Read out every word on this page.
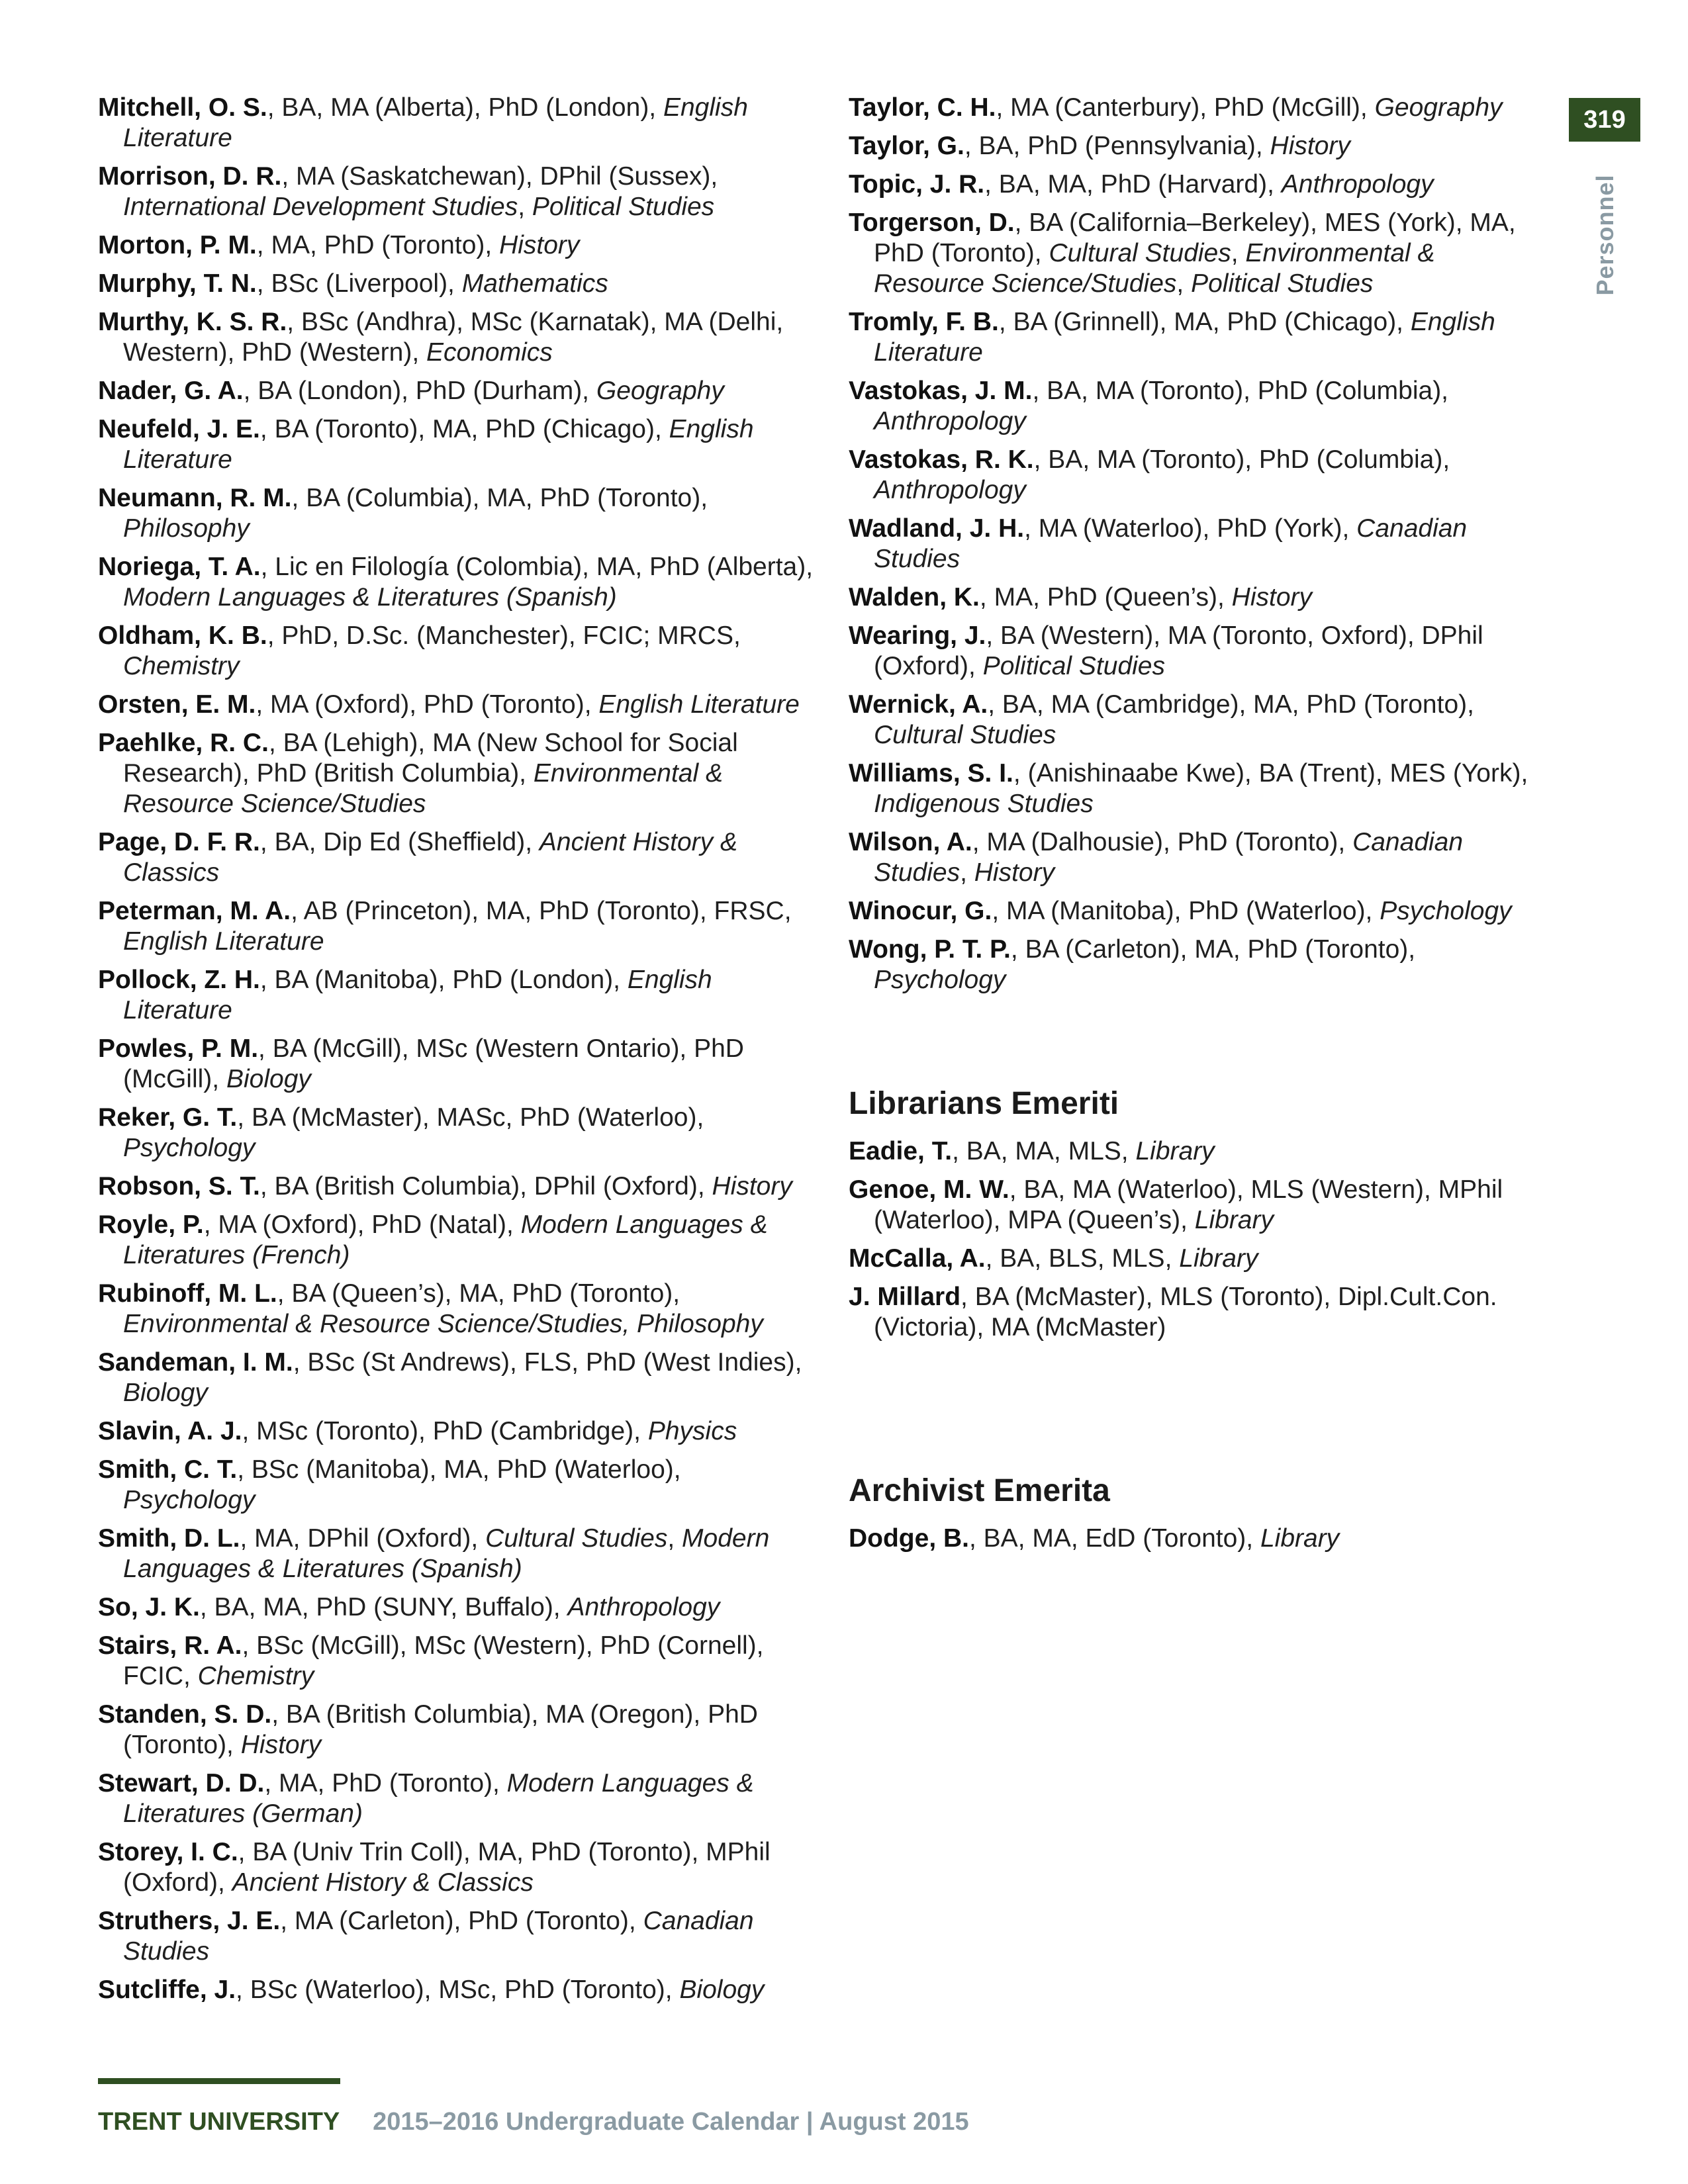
319
Personnel
Mitchell, O. S., BA, MA (Alberta), PhD (London), English Literature
Morrison, D. R., MA (Saskatchewan), DPhil (Sussex), International Development Studies, Political Studies
Morton, P. M., MA, PhD (Toronto), History
Murphy, T. N., BSc (Liverpool), Mathematics
Murthy, K. S. R., BSc (Andhra), MSc (Karnatak), MA (Delhi, Western), PhD (Western), Economics
Nader, G. A., BA (London), PhD (Durham), Geography
Neufeld, J. E., BA (Toronto), MA, PhD (Chicago), English Literature
Neumann, R. M., BA (Columbia), MA, PhD (Toronto), Philosophy
Noriega, T. A., Lic en Filología (Colombia), MA, PhD (Alberta), Modern Languages & Literatures (Spanish)
Oldham, K. B., PhD, D.Sc. (Manchester), FCIC; MRCS, Chemistry
Orsten, E. M., MA (Oxford), PhD (Toronto), English Literature
Paehlke, R. C., BA (Lehigh), MA (New School for Social Research), PhD (British Columbia), Environmental & Resource Science/Studies
Page, D. F. R., BA, Dip Ed (Sheffield), Ancient History & Classics
Peterman, M. A., AB (Princeton), MA, PhD (Toronto), FRSC, English Literature
Pollock, Z. H., BA (Manitoba), PhD (London), English Literature
Powles, P. M., BA (McGill), MSc (Western Ontario), PhD (McGill), Biology
Reker, G. T., BA (McMaster), MASc, PhD (Waterloo), Psychology
Robson, S. T., BA (British Columbia), DPhil (Oxford), History
Royle, P., MA (Oxford), PhD (Natal), Modern Languages & Literatures (French)
Rubinoff, M. L., BA (Queen’s), MA, PhD (Toronto), Environmental & Resource Science/Studies, Philosophy
Sandeman, I. M., BSc (St Andrews), FLS, PhD (West Indies), Biology
Slavin, A. J., MSc (Toronto), PhD (Cambridge), Physics
Smith, C. T., BSc (Manitoba), MA, PhD (Waterloo), Psychology
Smith, D. L., MA, DPhil (Oxford), Cultural Studies, Modern Languages & Literatures (Spanish)
So, J. K., BA, MA, PhD (SUNY, Buffalo), Anthropology
Stairs, R. A., BSc (McGill), MSc (Western), PhD (Cornell), FCIC, Chemistry
Standen, S. D., BA (British Columbia), MA (Oregon), PhD (Toronto), History
Stewart, D. D., MA, PhD (Toronto), Modern Languages & Literatures (German)
Storey, I. C., BA (Univ Trin Coll), MA, PhD (Toronto), MPhil (Oxford), Ancient History & Classics
Struthers, J. E., MA (Carleton), PhD (Toronto), Canadian Studies
Sutcliffe, J., BSc (Waterloo), MSc, PhD (Toronto), Biology
Taylor, C. H., MA (Canterbury), PhD (McGill), Geography
Taylor, G., BA, PhD (Pennsylvania), History
Topic, J. R., BA, MA, PhD (Harvard), Anthropology
Torgerson, D., BA (California–Berkeley), MES (York), MA, PhD (Toronto), Cultural Studies, Environmental & Resource Science/Studies, Political Studies
Tromly, F. B., BA (Grinnell), MA, PhD (Chicago), English Literature
Vastokas, J. M., BA, MA (Toronto), PhD (Columbia), Anthropology
Vastokas, R. K., BA, MA (Toronto), PhD (Columbia), Anthropology
Wadland, J. H., MA (Waterloo), PhD (York), Canadian Studies
Walden, K., MA, PhD (Queen’s), History
Wearing, J., BA (Western), MA (Toronto, Oxford), DPhil (Oxford), Political Studies
Wernick, A., BA, MA (Cambridge), MA, PhD (Toronto), Cultural Studies
Williams, S. I., (Anishinaabe Kwe), BA (Trent), MES (York), Indigenous Studies
Wilson, A., MA (Dalhousie), PhD (Toronto), Canadian Studies, History
Winocur, G., MA (Manitoba), PhD (Waterloo), Psychology
Wong, P. T. P., BA (Carleton), MA, PhD (Toronto), Psychology
Librarians Emeriti
Eadie, T., BA, MA, MLS, Library
Genoe, M. W., BA, MA (Waterloo), MLS (Western), MPhil (Waterloo), MPA (Queen’s), Library
McCalla, A., BA, BLS, MLS, Library
J. Millard, BA (McMaster), MLS (Toronto), Dipl.Cult.Con. (Victoria), MA (McMaster)
Archivist Emerita
Dodge, B., BA, MA, EdD (Toronto), Library
TRENT UNIVERSITY 2015–2016 Undergraduate Calendar | August 2015
